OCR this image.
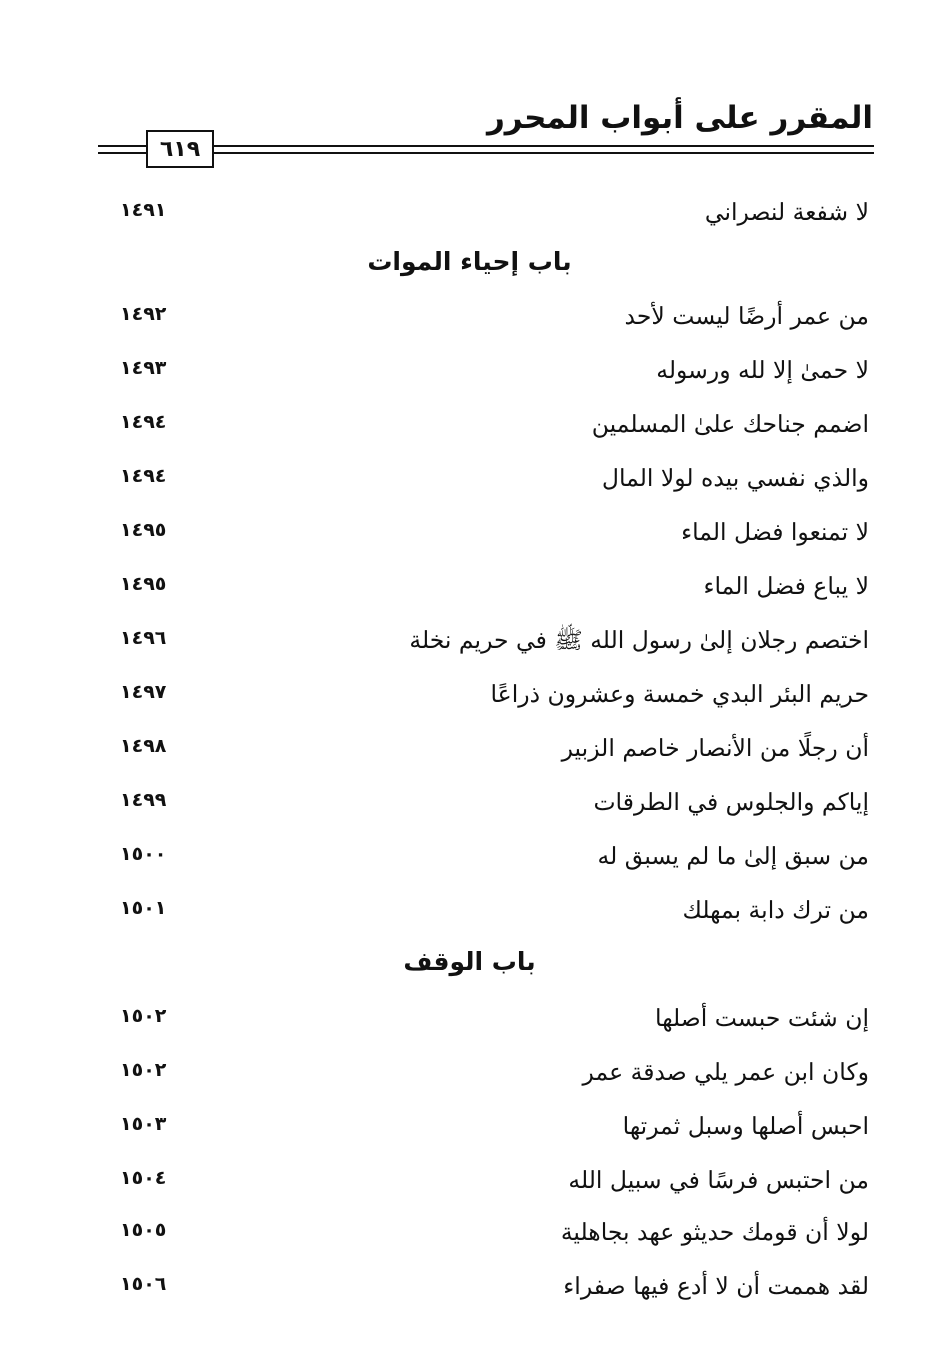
المقرر على أبواب المحرر
٦١٩
لا شفعة لنصراني
١٤٩١
باب إحياء الموات
من عمر أرضًا ليست لأحد
١٤٩٢
لا حمىٰ إلا لله ورسوله
١٤٩٣
اضمم جناحك علىٰ المسلمين
١٤٩٤
والذي نفسي بيده لولا المال
١٤٩٤
لا تمنعوا فضل الماء
١٤٩٥
لا يباع فضل الماء
١٤٩٥
اختصم رجلان إلىٰ رسول الله ﷺ في حريم نخلة
١٤٩٦
حريم البئر البدي خمسة وعشرون ذراعًا
١٤٩٧
أن رجلًا من الأنصار خاصم الزبير
١٤٩٨
إياكم والجلوس في الطرقات
١٤٩٩
من سبق إلىٰ ما لم يسبق له
١٥٠٠
من ترك دابة بمهلك
١٥٠١
باب الوقف
إن شئت حبست أصلها
١٥٠٢
وكان ابن عمر يلي صدقة عمر
١٥٠٢
احبس أصلها وسبل ثمرتها
١٥٠٣
من احتبس فرسًا في سبيل الله
١٥٠٤
لولا أن قومك حديثو عهد بجاهلية
١٥٠٥
لقد هممت أن لا أدع فيها صفراء
١٥٠٦
